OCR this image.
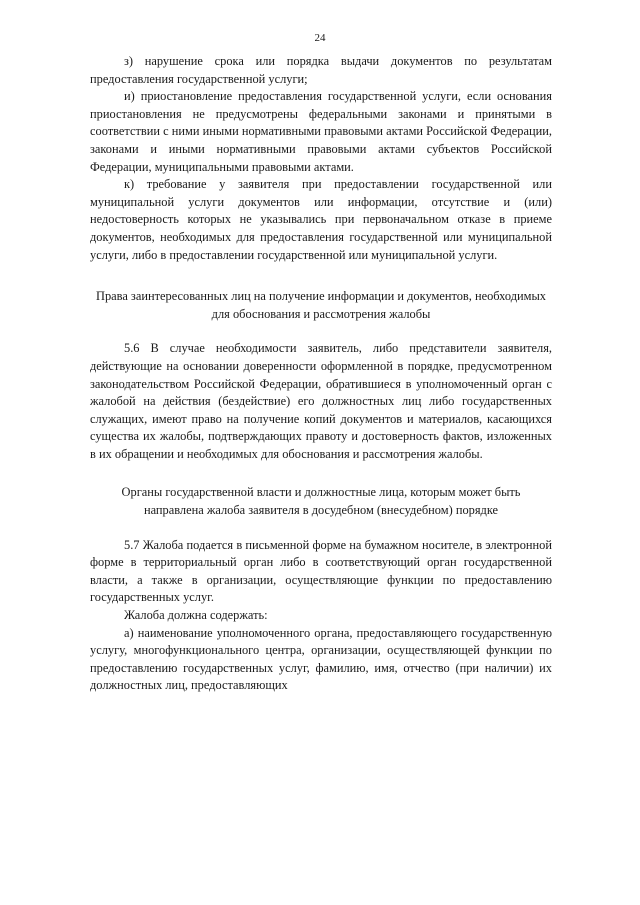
24

з) нарушение срока или порядка выдачи документов по результатам предоставления государственной услуги;

и) приостановление предоставления государственной услуги, если основания приостановления не предусмотрены федеральными законами и принятыми в соответствии с ними иными нормативными правовыми актами Российской Федерации, законами и иными нормативными правовыми актами субъектов Российской Федерации, муниципальными правовыми актами.

к) требование у заявителя при предоставлении государственной или муниципальной услуги документов или информации, отсутствие и (или) недостоверность которых не указывались при первоначальном отказе в приеме документов, необходимых для предоставления государственной или муниципальной услуги, либо в предоставлении государственной или муниципальной услуги.

Права заинтересованных лиц на получение информации и документов, необходимых для обоснования и рассмотрения жалобы

5.6 В случае необходимости заявитель, либо представители заявителя, действующие на основании доверенности оформленной в порядке, предусмотренном законодательством Российской Федерации, обратившиеся в уполномоченный орган с жалобой на действия (бездействие) его должностных лиц либо государственных служащих, имеют право на получение копий документов и материалов, касающихся существа их жалобы, подтверждающих правоту и достоверность фактов, изложенных в их обращении и необходимых для обоснования и рассмотрения жалобы.

Органы государственной власти и должностные лица, которым может быть направлена жалоба заявителя в досудебном (внесудебном) порядке

5.7 Жалоба подается в письменной форме на бумажном носителе, в электронной форме в территориальный орган либо в соответствующий орган государственной власти, а также в организации, осуществляющие функции по предоставлению государственных услуг.

Жалоба должна содержать:

а) наименование уполномоченного органа, предоставляющего государственную услугу, многофункционального центра, организации, осуществляющей функции по предоставлению государственных услуг, фамилию, имя, отчество (при наличии) их должностных лиц, предоставляющих
